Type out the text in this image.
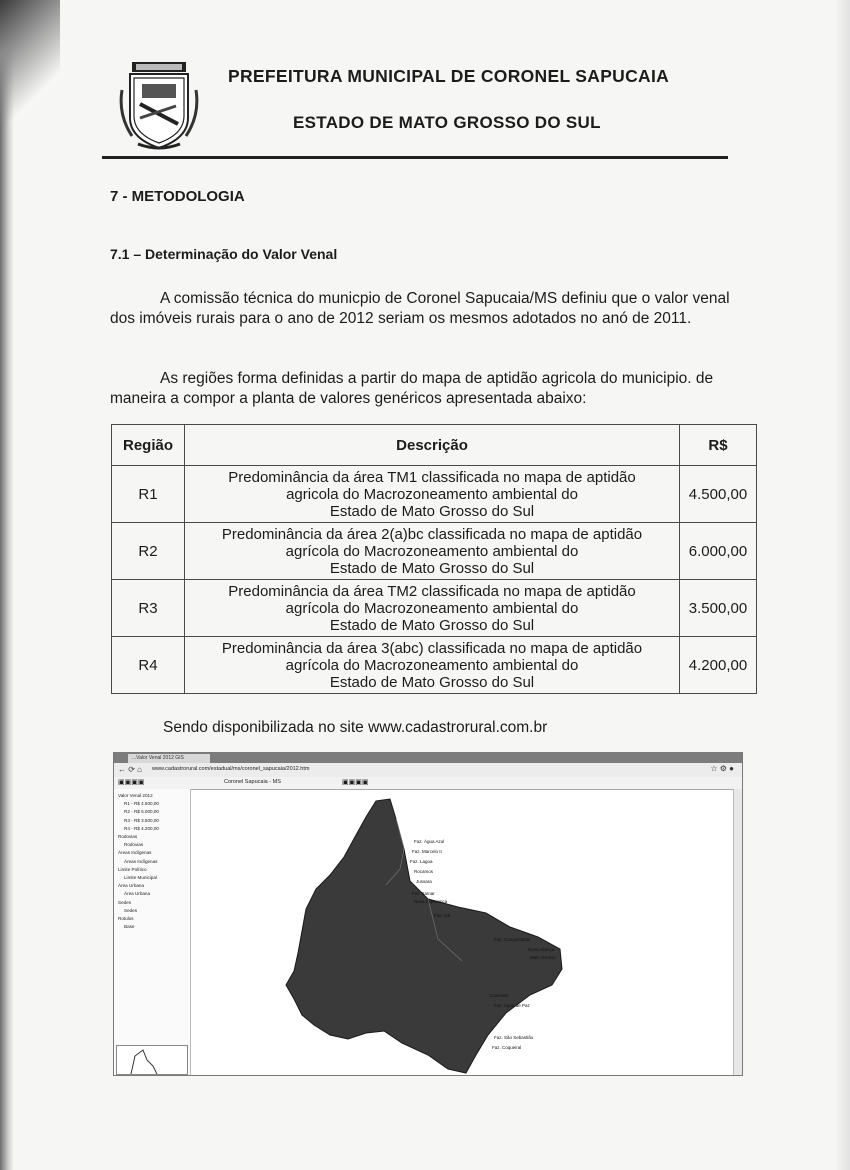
PREFEITURA MUNICIPAL DE CORONEL SAPUCAIA
ESTADO DE MATO GROSSO DO SUL
7 - METODOLOGIA
7.1 – Determinação do Valor Venal

A comissão técnica do municpio de Coronel Sapucaia/MS definiu que o valor venal dos imóveis rurais para o ano de 2012 seriam os mesmos adotados no anó de 2011.

As regiões forma definidas a partir do mapa de aptidão agricola do municipio. de maneira a compor a planta de valores genéricos apresentada abaixo:

Região	Descrição	R$
R1	Predominância da área TM1 classificada no mapa de aptidão
agricola do Macrozoneamento ambiental do
Estado de Mato Grosso do Sul	4.500,00
R2	Predominância da área 2(a)bc classificada no mapa de aptidão
agrícola do Macrozoneamento ambiental do
Estado de Mato Grosso do Sul	6.000,00
R3	Predominância da área TM2 classificada no mapa de aptidão
agrícola do Macrozoneamento ambiental do
Estado de Mato Grosso do Sul	3.500,00
R4	Predominância da área 3(abc) classificada no mapa de aptidão
agrícola do Macrozoneamento ambiental do
Estado de Mato Grosso do Sul	4.200,00
Sendo disponibilizada no site www.cadastrorural.com.br
...Valor Venal 2012 GIS
← ⟳ ⌂ www.cadastrorural.com/estadual/ms/coronel_sapucaia/2012.htm	☆ ⚙ ●
▣▣▣▣	Coronel Sapucaia - MS	▣▣▣▣
Valor Venal 2012
R1 - R$ 4.500,00
R2 - R$ 6.000,00
R3 - R$ 3.500,00
R4 - R$ 4.200,00
Rodovias
Rodovias
Áreas Indígenas
Áreas Indígenas
Limite Político
Limite Municipal
Área Urbana
Área Urbana
Sedes
Sedes
Rotulos
Base
Faz. Água Azul
Faz. Marcelo II
Faz. Lagoa
Rocamos
Jussara
Faz. Itamar
Nova Esperança
Faz. Ipê
Faz. Conquistador
Nova Aliança
Mato Grosso
Cascavel
Faz. Água de Paz
Faz. São Sebastião
Faz. Coqueiral
